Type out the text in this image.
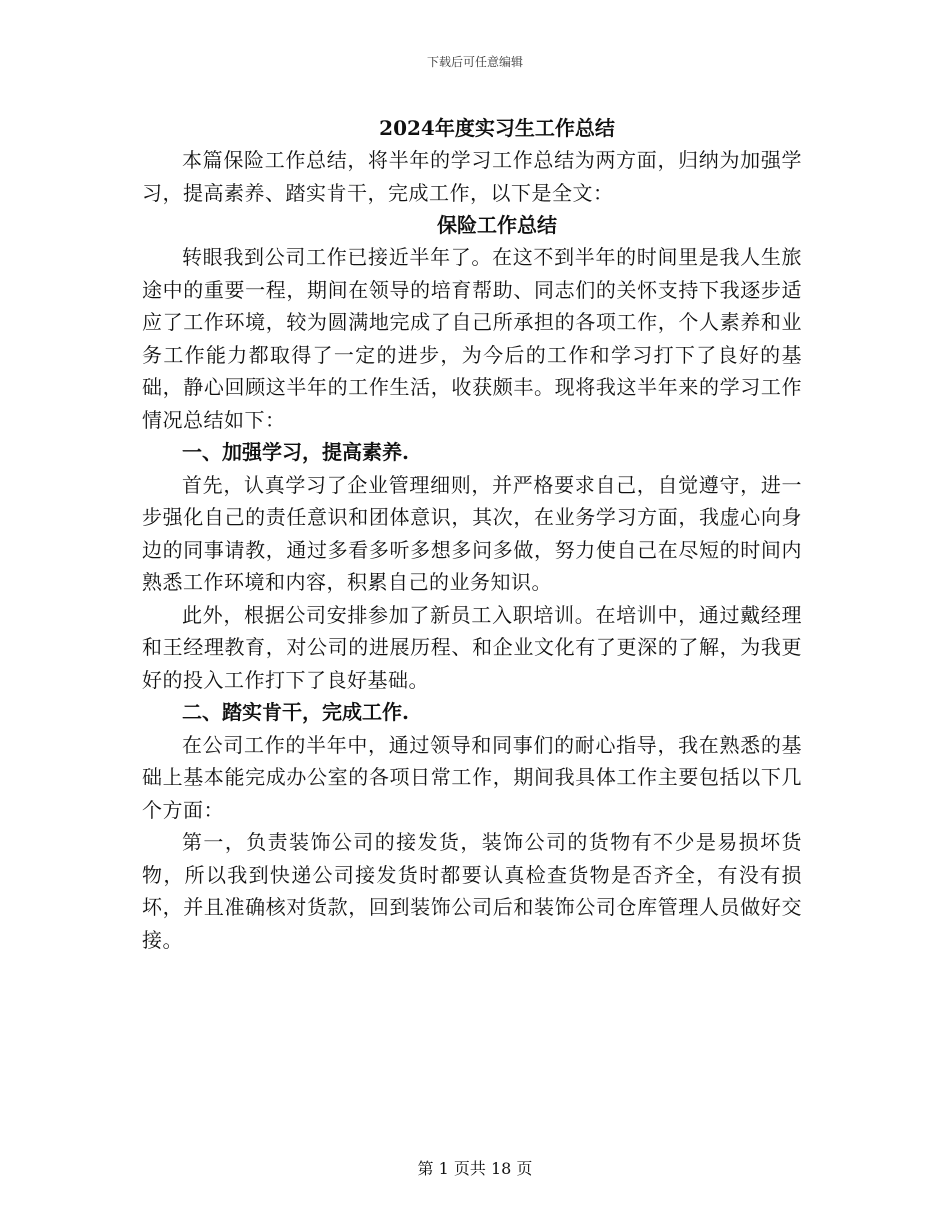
下载后可任意编辑

2024年度实习生工作总结

本篇保险工作总结，将半年的学习工作总结为两方面，归纳为加强学习，提高素养、踏实肯干，完成工作，以下是全文：

保险工作总结

转眼我到公司工作已接近半年了。在这不到半年的时间里是我人生旅途中的重要一程，期间在领导的培育帮助、同志们的关怀支持下我逐步适应了工作环境，较为圆满地完成了自己所承担的各项工作，个人素养和业务工作能力都取得了一定的进步，为今后的工作和学习打下了良好的基础，静心回顾这半年的工作生活，收获颇丰。现将我这半年来的学习工作情况总结如下：

一、加强学习，提高素养.

首先，认真学习了企业管理细则，并严格要求自己，自觉遵守，进一步强化自己的责任意识和团体意识，其次，在业务学习方面，我虚心向身边的同事请教，通过多看多听多想多问多做，努力使自己在尽短的时间内熟悉工作环境和内容，积累自己的业务知识。

此外，根据公司安排参加了新员工入职培训。在培训中，通过戴经理和王经理教育，对公司的进展历程、和企业文化有了更深的了解，为我更好的投入工作打下了良好基础。

二、踏实肯干，完成工作.

在公司工作的半年中，通过领导和同事们的耐心指导，我在熟悉的基础上基本能完成办公室的各项日常工作，期间我具体工作主要包括以下几个方面：

第一，负责装饰公司的接发货，装饰公司的货物有不少是易损坏货物，所以我到快递公司接发货时都要认真检查货物是否齐全，有没有损坏，并且准确核对货款，回到装饰公司后和装饰公司仓库管理人员做好交接。

第 1 页共 18 页
